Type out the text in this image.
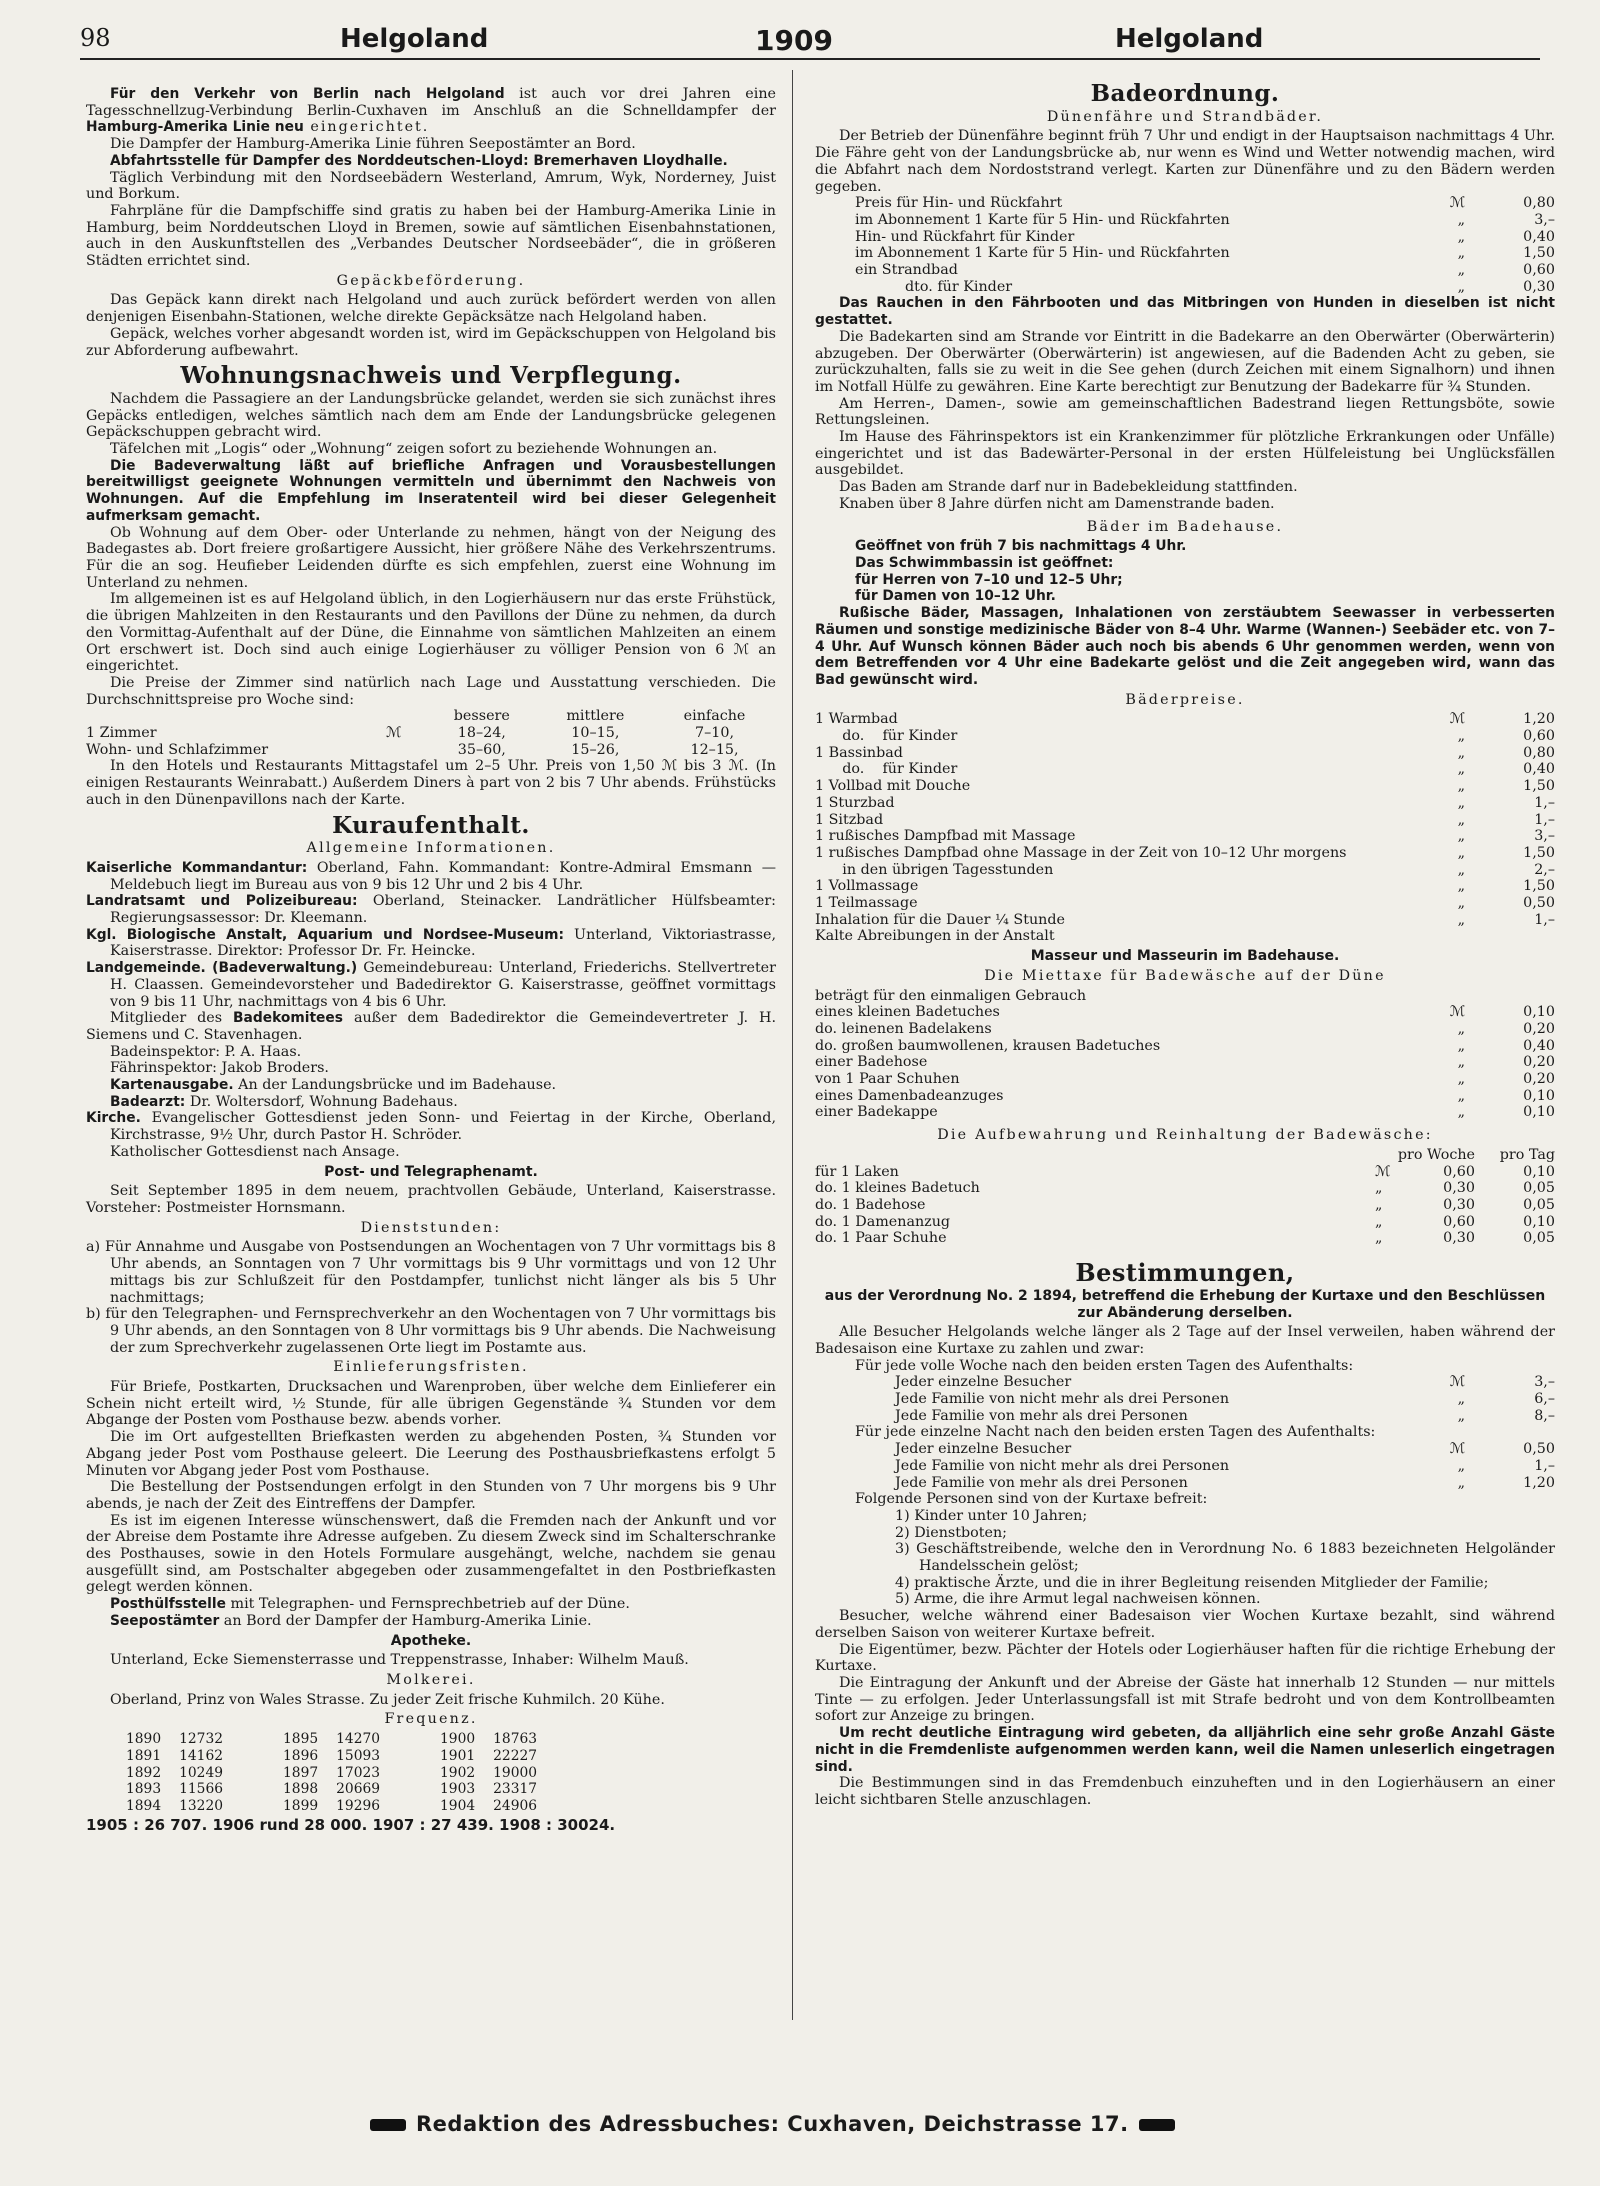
98	Helgoland	1909	Helgoland

Für den Verkehr von Berlin nach Helgoland ist auch vor drei Jahren eine Tagesschnellzug-Verbindung Berlin-Cuxhaven im Anschluß an die Schnelldampfer der Hamburg-Amerika Linie neu eingerichtet.

Die Dampfer der Hamburg-Amerika Linie führen Seepostämter an Bord.

Abfahrtsstelle für Dampfer des Norddeutschen-Lloyd: Bremerhaven Lloydhalle.

Täglich Verbindung mit den Nordseebädern Westerland, Amrum, Wyk, Norderney, Juist und Borkum.

Fahrpläne für die Dampfschiffe sind gratis zu haben bei der Hamburg-Amerika Linie in Hamburg, beim Norddeutschen Lloyd in Bremen, sowie auf sämtlichen Eisenbahnstationen, auch in den Auskunftstellen des „Verbandes Deutscher Nordseebäder“, die in größeren Städten errichtet sind.

Gepäckbeförderung.

Das Gepäck kann direkt nach Helgoland und auch zurück befördert werden von allen denjenigen Eisenbahn-Stationen, welche direkte Gepäcksätze nach Helgoland haben.

Gepäck, welches vorher abgesandt worden ist, wird im Gepäckschuppen von Helgoland bis zur Abforderung aufbewahrt.

Wohnungsnachweis und Verpflegung.

Nachdem die Passagiere an der Landungsbrücke gelandet, werden sie sich zunächst ihres Gepäcks entledigen, welches sämtlich nach dem am Ende der Landungsbrücke gelegenen Gepäckschuppen gebracht wird.

Täfelchen mit „Logis“ oder „Wohnung“ zeigen sofort zu beziehende Wohnungen an.

Die Badeverwaltung läßt auf briefliche Anfragen und Vorausbestellungen bereitwilligst geeignete Wohnungen vermitteln und übernimmt den Nachweis von Wohnungen. Auf die Empfehlung im Inseratenteil wird bei dieser Gelegenheit aufmerksam gemacht.

Ob Wohnung auf dem Ober- oder Unterlande zu nehmen, hängt von der Neigung des Badegastes ab. Dort freiere großartigere Aussicht, hier größere Nähe des Verkehrszentrums. Für die an sog. Heufieber Leidenden dürfte es sich empfehlen, zuerst eine Wohnung im Unterland zu nehmen.

Im allgemeinen ist es auf Helgoland üblich, in den Logierhäusern nur das erste Frühstück, die übrigen Mahlzeiten in den Restaurants und den Pavillons der Düne zu nehmen, da durch den Vormittag-Aufenthalt auf der Düne, die Einnahme von sämtlichen Mahlzeiten an einem Ort erschwert ist. Doch sind auch einige Logierhäuser zu völliger Pension von 6 ℳ an eingerichtet.

Die Preise der Zimmer sind natürlich nach Lage und Ausstattung verschieden. Die Durchschnittspreise pro Woche sind:

		bessere	mittlere	einfache
1 Zimmer	ℳ	18–24,	10–15,	7–10,
Wohn- und Schlafzimmer		35–60,	15–26,	12–15,

In den Hotels und Restaurants Mittagstafel um 2–5 Uhr. Preis von 1,50 ℳ bis 3 ℳ. (In einigen Restaurants Weinrabatt.) Außerdem Diners à part von 2 bis 7 Uhr abends. Frühstücks auch in den Dünenpavillons nach der Karte.

Kuraufenthalt.

Allgemeine Informationen.

Kaiserliche Kommandantur: Oberland, Fahn. Kommandant: Kontre-Admiral Emsmann — Meldebuch liegt im Bureau aus von 9 bis 12 Uhr und 2 bis 4 Uhr.

Landratsamt und Polizeibureau: Oberland, Steinacker. Landrätlicher Hülfsbeamter: Regierungsassessor: Dr. Kleemann.

Kgl. Biologische Anstalt, Aquarium und Nordsee-Museum: Unterland, Viktoriastrasse, Kaiserstrasse. Direktor: Professor Dr. Fr. Heincke.

Landgemeinde. (Badeverwaltung.) Gemeindebureau: Unterland, Friederichs. Stellvertreter H. Claassen. Gemeindevorsteher und Badedirektor G. Kaiserstrasse, geöffnet vormittags von 9 bis 11 Uhr, nachmittags von 4 bis 6 Uhr.

Mitglieder des Badekomitees außer dem Badedirektor die Gemeindevertreter J. H. Siemens und C. Stavenhagen.

Badeinspektor: P. A. Haas.

Fährinspektor: Jakob Broders.

Kartenausgabe. An der Landungsbrücke und im Badehause.

Badearzt: Dr. Woltersdorf, Wohnung Badehaus.

Kirche. Evangelischer Gottesdienst jeden Sonn- und Feiertag in der Kirche, Oberland, Kirchstrasse, 9½ Uhr, durch Pastor H. Schröder.

Katholischer Gottesdienst nach Ansage.

Post- und Telegraphenamt.

Seit September 1895 in dem neuem, prachtvollen Gebäude, Unterland, Kaiserstrasse. Vorsteher: Postmeister Hornsmann.

Dienststunden:

a) Für Annahme und Ausgabe von Postsendungen an Wochentagen von 7 Uhr vormittags bis 8 Uhr abends, an Sonntagen von 7 Uhr vormittags bis 9 Uhr vormittags und von 12 Uhr mittags bis zur Schlußzeit für den Postdampfer, tunlichst nicht länger als bis 5 Uhr nachmittags;

b) für den Telegraphen- und Fernsprechverkehr an den Wochentagen von 7 Uhr vormittags bis 9 Uhr abends, an den Sonntagen von 8 Uhr vormittags bis 9 Uhr abends. Die Nachweisung der zum Sprechverkehr zugelassenen Orte liegt im Postamte aus.

Einlieferungsfristen.

Für Briefe, Postkarten, Drucksachen und Warenproben, über welche dem Einlieferer ein Schein nicht erteilt wird, ½ Stunde, für alle übrigen Gegenstände ¾ Stunden vor dem Abgange der Posten vom Posthause bezw. abends vorher.

Die im Ort aufgestellten Briefkasten werden zu abgehenden Posten, ¾ Stunden vor Abgang jeder Post vom Posthause geleert. Die Leerung des Posthausbriefkastens erfolgt 5 Minuten vor Abgang jeder Post vom Posthause.

Die Bestellung der Postsendungen erfolgt in den Stunden von 7 Uhr morgens bis 9 Uhr abends, je nach der Zeit des Eintreffens der Dampfer.

Es ist im eigenen Interesse wünschenswert, daß die Fremden nach der Ankunft und vor der Abreise dem Postamte ihre Adresse aufgeben. Zu diesem Zweck sind im Schalterschranke des Posthauses, sowie in den Hotels Formulare ausgehängt, welche, nachdem sie genau ausgefüllt sind, am Postschalter abgegeben oder zusammengefaltet in den Postbriefkasten gelegt werden können.

Posthülfsstelle mit Telegraphen- und Fernsprechbetrieb auf der Düne.

Seepostämter an Bord der Dampfer der Hamburg-Amerika Linie.

Apotheke.

Unterland, Ecke Siemensterrasse und Treppenstrasse, Inhaber: Wilhelm Mauß.

Molkerei.

Oberland, Prinz von Wales Strasse. Zu jeder Zeit frische Kuhmilch. 20 Kühe.

Frequenz.

1890	12732	1895	14270	1900	18763
1891	14162	1896	15093	1901	22227
1892	10249	1897	17023	1902	19000
1893	11566	1898	20669	1903	23317
1894	13220	1899	19296	1904	24906

1905 : 26 707. 1906 rund 28 000. 1907 : 27 439. 1908 : 30024.

Badeordnung.

Dünenfähre und Strandbäder.

Der Betrieb der Dünenfähre beginnt früh 7 Uhr und endigt in der Hauptsaison nachmittags 4 Uhr. Die Fähre geht von der Landungsbrücke ab, nur wenn es Wind und Wetter notwendig machen, wird die Abfahrt nach dem Nordoststrand verlegt. Karten zur Dünenfähre und zu den Bädern werden gegeben.

Preis für Hin- und Rückfahrt	ℳ	0,80
im Abonnement 1 Karte für 5 Hin- und Rückfahrten	„	3,–
Hin- und Rückfahrt für Kinder	„	0,40
im Abonnement 1 Karte für 5 Hin- und Rückfahrten	„	1,50
ein Strandbad	„	0,60
dto. für Kinder	„	0,30

Das Rauchen in den Fährbooten und das Mitbringen von Hunden in dieselben ist nicht gestattet.

Die Badekarten sind am Strande vor Eintritt in die Badekarre an den Oberwärter (Oberwärterin) abzugeben. Der Oberwärter (Oberwärterin) ist angewiesen, auf die Badenden Acht zu geben, sie zurückzuhalten, falls sie zu weit in die See gehen (durch Zeichen mit einem Signalhorn) und ihnen im Notfall Hülfe zu gewähren. Eine Karte berechtigt zur Benutzung der Badekarre für ¾ Stunden.

Am Herren-, Damen-, sowie am gemeinschaftlichen Badestrand liegen Rettungsböte, sowie Rettungsleinen.

Im Hause des Fährinspektors ist ein Krankenzimmer für plötzliche Erkrankungen oder Unfälle) eingerichtet und ist das Badewärter-Personal in der ersten Hülfeleistung bei Unglücksfällen ausgebildet.

Das Baden am Strande darf nur in Badebekleidung stattfinden.

Knaben über 8 Jahre dürfen nicht am Damenstrande baden.

Bäder im Badehause.

Geöffnet von früh 7 bis nachmittags 4 Uhr.

Das Schwimmbassin ist geöffnet:

für Herren von 7–10 und 12–5 Uhr;

für Damen von 10–12 Uhr.

Rußische Bäder, Massagen, Inhalationen von zerstäubtem Seewasser in verbesserten Räumen und sonstige medizinische Bäder von 8–4 Uhr. Warme (Wannen-) Seebäder etc. von 7–4 Uhr. Auf Wunsch können Bäder auch noch bis abends 6 Uhr genommen werden, wenn von dem Betreffenden vor 4 Uhr eine Badekarte gelöst und die Zeit angegeben wird, wann das Bad gewünscht wird.

Bäderpreise.

1 Warmbad	ℳ	1,20
do.    für Kinder	„	0,60
1 Bassinbad	„	0,80
do.    für Kinder	„	0,40
1 Vollbad mit Douche	„	1,50
1 Sturzbad	„	1,–
1 Sitzbad	„	1,–
1 rußisches Dampfbad mit Massage	„	3,–
1 rußisches Dampfbad ohne Massage in der Zeit von 10–12 Uhr morgens	„	1,50
in den übrigen Tagesstunden	„	2,–
1 Vollmassage	„	1,50
1 Teilmassage	„	0,50
Inhalation für die Dauer ¼ Stunde	„	1,–
Kalte Abreibungen in der Anstalt

Masseur und Masseurin im Badehause.

Die Miettaxe für Badewäsche auf der Düne

beträgt für den einmaligen Gebrauch
eines kleinen Badetuches	ℳ	0,10
do. leinenen Badelakens	„	0,20
do. großen baumwollenen, krausen Badetuches	„	0,40
einer Badehose	„	0,20
von 1 Paar Schuhen	„	0,20
eines Damenbadeanzuges	„	0,10
einer Badekappe	„	0,10

Die Aufbewahrung und Reinhaltung der Badewäsche:

pro Woche	pro Tag
für 1 Laken	ℳ	0,60	0,10
do. 1 kleines Badetuch	„	0,30	0,05
do. 1 Badehose	„	0,30	0,05
do. 1 Damenanzug	„	0,60	0,10
do. 1 Paar Schuhe	„	0,30	0,05
Bestimmungen,

aus der Verordnung No. 2 1894, betreffend die Erhebung der Kurtaxe und den Beschlüssen zur Abänderung derselben.

Alle Besucher Helgolands welche länger als 2 Tage auf der Insel verweilen, haben während der Badesaison eine Kurtaxe zu zahlen und zwar:

Für jede volle Woche nach den beiden ersten Tagen des Aufenthalts:

Jeder einzelne Besucher	ℳ	3,–
Jede Familie von nicht mehr als drei Personen	„	6,–
Jede Familie von mehr als drei Personen	„	8,–

Für jede einzelne Nacht nach den beiden ersten Tagen des Aufenthalts:

Jeder einzelne Besucher	ℳ	0,50
Jede Familie von nicht mehr als drei Personen	„	1,–
Jede Familie von mehr als drei Personen	„	1,20

Folgende Personen sind von der Kurtaxe befreit:

1) Kinder unter 10 Jahren;

2) Dienstboten;

3) Geschäftstreibende, welche den in Verordnung No. 6 1883 bezeichneten Helgoländer Handelsschein gelöst;

4) praktische Ärzte, und die in ihrer Begleitung reisenden Mitglieder der Familie;

5) Arme, die ihre Armut legal nachweisen können.

Besucher, welche während einer Badesaison vier Wochen Kurtaxe bezahlt, sind während derselben Saison von weiterer Kurtaxe befreit.

Die Eigentümer, bezw. Pächter der Hotels oder Logierhäuser haften für die richtige Erhebung der Kurtaxe.

Die Eintragung der Ankunft und der Abreise der Gäste hat innerhalb 12 Stunden — nur mittels Tinte — zu erfolgen. Jeder Unterlassungsfall ist mit Strafe bedroht und von dem Kontrollbeamten sofort zur Anzeige zu bringen.

Um recht deutliche Eintragung wird gebeten, da alljährlich eine sehr große Anzahl Gäste nicht in die Fremdenliste aufgenommen werden kann, weil die Namen unleserlich eingetragen sind.

Die Bestimmungen sind in das Fremdenbuch einzuheften und in den Logierhäusern an einer leicht sichtbaren Stelle anzuschlagen.

Redaktion des Adressbuches: Cuxhaven, Deichstrasse 17.
